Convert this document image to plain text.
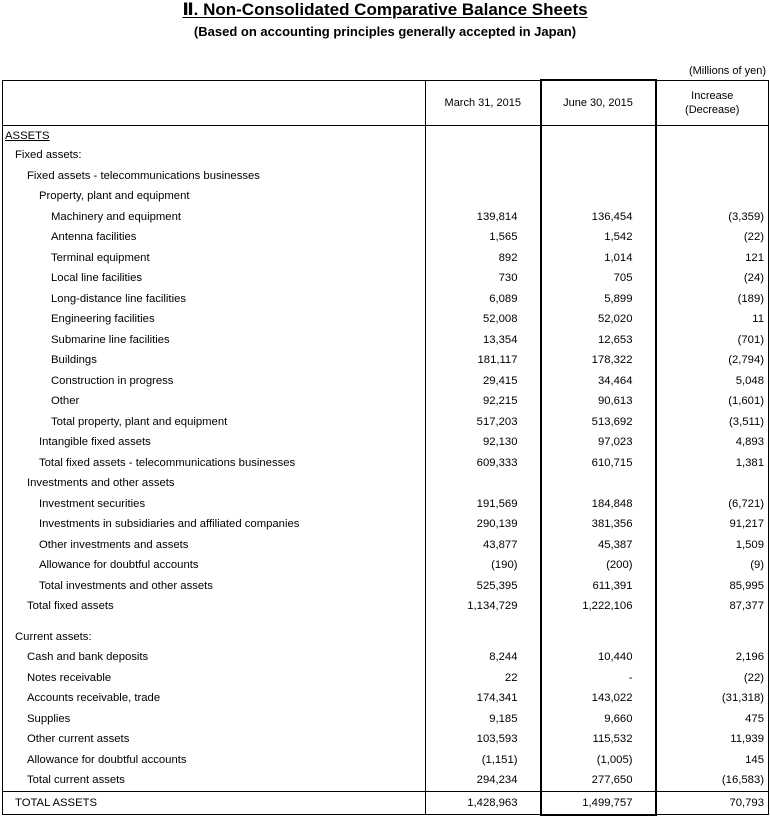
Ⅱ. Non-Consolidated Comparative Balance Sheets
(Based on accounting principles generally accepted in Japan)
(Millions of yen)
	March 31, 2015	June 30, 2015	Increase
(Decrease)
ASSETS			
Fixed assets:			
Fixed assets - telecommunications businesses			
Property, plant and equipment			
Machinery and equipment	139,814	136,454	(3,359)
Antenna facilities	1,565	1,542	(22)
Terminal equipment	892	1,014	121
Local line facilities	730	705	(24)
Long-distance line facilities	6,089	5,899	(189)
Engineering facilities	52,008	52,020	11
Submarine line facilities	13,354	12,653	(701)
Buildings	181,117	178,322	(2,794)
Construction in progress	29,415	34,464	5,048
Other	92,215	90,613	(1,601)
Total property, plant and equipment	517,203	513,692	(3,511)
Intangible fixed assets	92,130	97,023	4,893
Total fixed assets - telecommunications businesses	609,333	610,715	1,381
Investments and other assets			
Investment securities	191,569	184,848	(6,721)
Investments in subsidiaries and affiliated companies	290,139	381,356	91,217
Other investments and assets	43,877	45,387	1,509
Allowance for doubtful accounts	(190)	(200)	(9)
Total investments and other assets	525,395	611,391	85,995
Total fixed assets	1,134,729	1,222,106	87,377

Current assets:			
Cash and bank deposits	8,244	10,440	2,196
Notes receivable	22	-	(22)
Accounts receivable, trade	174,341	143,022	(31,318)
Supplies	9,185	9,660	475
Other current assets	103,593	115,532	11,939
Allowance for doubtful accounts	(1,151)	(1,005)	145
Total current assets	294,234	277,650	(16,583)
TOTAL ASSETS	1,428,963	1,499,757	70,793
